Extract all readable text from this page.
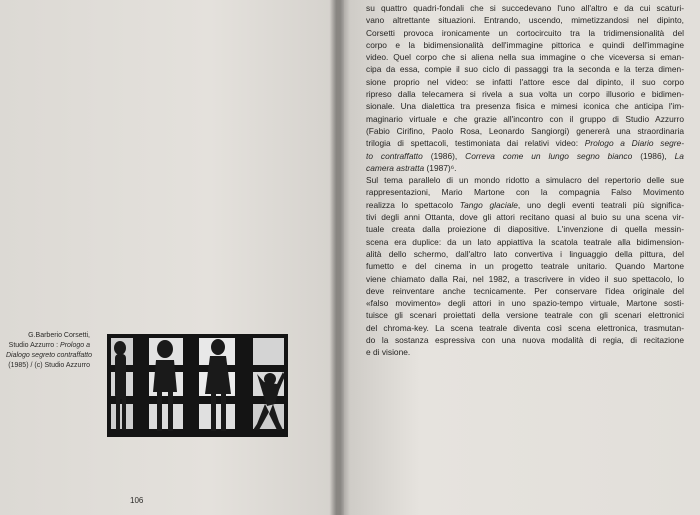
G.Barberio Corsetti,
Studio Azzurro : Prologo a
Dialogo segreto contraffatto
(1985) / (c) Studio Azzurro
106

su quattro quadri-fondali che si succedevano l'uno all'altro e da cui scaturi-
vano altrettante situazioni. Entrando, uscendo, mimetizzandosi nel dipinto,
Corsetti provoca ironicamente un cortocircuito tra la tridimensionalità del
corpo e la bidimensionalità dell'immagine pittorica e quindi dell'immagine
video. Quel corpo che si aliena nella sua immagine o che viceversa si eman-
cipa da essa, compie il suo ciclo di passaggi tra la seconda e la terza dimen-
sione proprio nel video: se infatti l'attore esce dal dipinto, il suo corpo
ripreso dalla telecamera si rivela a sua volta un corpo illusorio e bidimen-
sionale. Una dialettica tra presenza fisica e mimesi iconica che anticipa l'im-
maginario virtuale e che grazie all'incontro con il gruppo di Studio Azzurro
(Fabio Cirifino, Paolo Rosa, Leonardo Sangiorgi) genererà una straordinaria
trilogia di spettacoli, testimoniata dai relativi video: Prologo a Diario segre-
to contraffatto (1986), Correva come un lungo segno bianco (1986), La
camera astratta (1987)⁶.

Sul tema parallelo di un mondo ridotto a simulacro del repertorio delle sue
rappresentazioni, Mario Martone con la compagnia Falso Movimento
realizza lo spettacolo Tango glaciale, uno degli eventi teatrali più significa-
tivi degli anni Ottanta, dove gli attori recitano quasi al buio su una scena vir-
tuale creata dalla proiezione di diapositive. L'invenzione di quella messin-
scena era duplice: da un lato appiattiva la scatola teatrale alla bidimension-
alità dello schermo, dall'altro lato convertiva i linguaggio della pittura, del
fumetto e del cinema in un progetto teatrale unitario. Quando Martone
viene chiamato dalla Rai, nel 1982, a trascrivere in video il suo spettacolo, lo
deve reinventare anche tecnicamente. Per conservare l'idea originale del
«falso movimento» degli attori in uno spazio-tempo virtuale, Martone sosti-
tuisce gli scenari proiettati della versione teatrale con gli scenari elettronici
del chroma-key. La scena teatrale diventa così scena elettronica, trasmutan-
do la sostanza espressiva con una nuova modalità di regia, di recitazione
e di visione.
